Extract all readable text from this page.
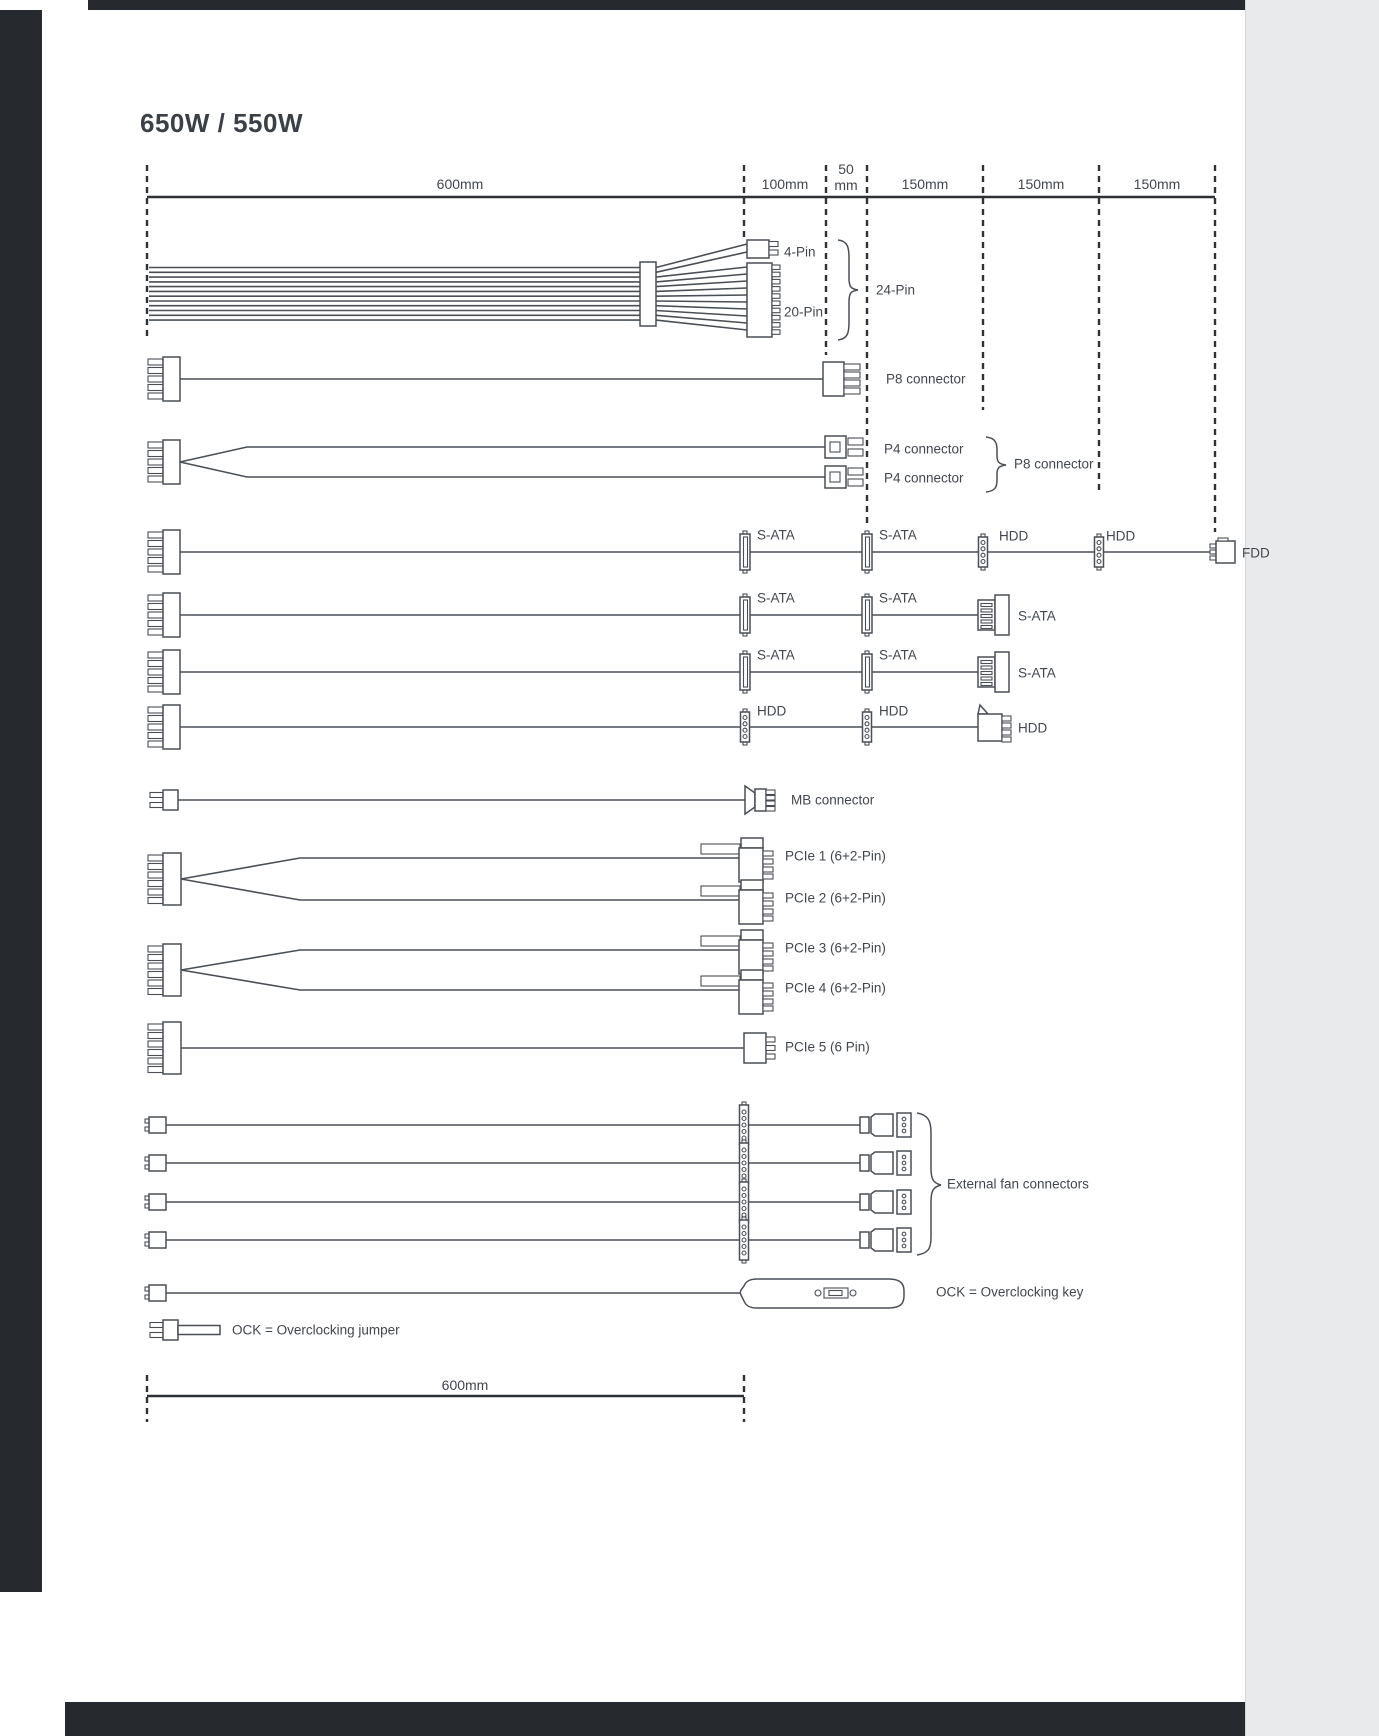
650W / 550W
600mm	100mm
50
mm	150mm	150mm	150mm
4-Pin
20-Pin
24-Pin
P8 connector
P4 connector
P4 connector
P8 connector
S-ATA	S-ATA	HDD	HDD
FDD
S-ATA	S-ATA
S-ATA
S-ATA	S-ATA
S-ATA
HDD	HDD
HDD
MB connector
PCIe 1 (6+2-Pin)
PCIe 2 (6+2-Pin)
PCIe 3 (6+2-Pin)
PCIe 4 (6+2-Pin)
PCIe 5 (6 Pin)
External fan connectors
OCK = Overclocking key
OCK = Overclocking jumper
600mm
